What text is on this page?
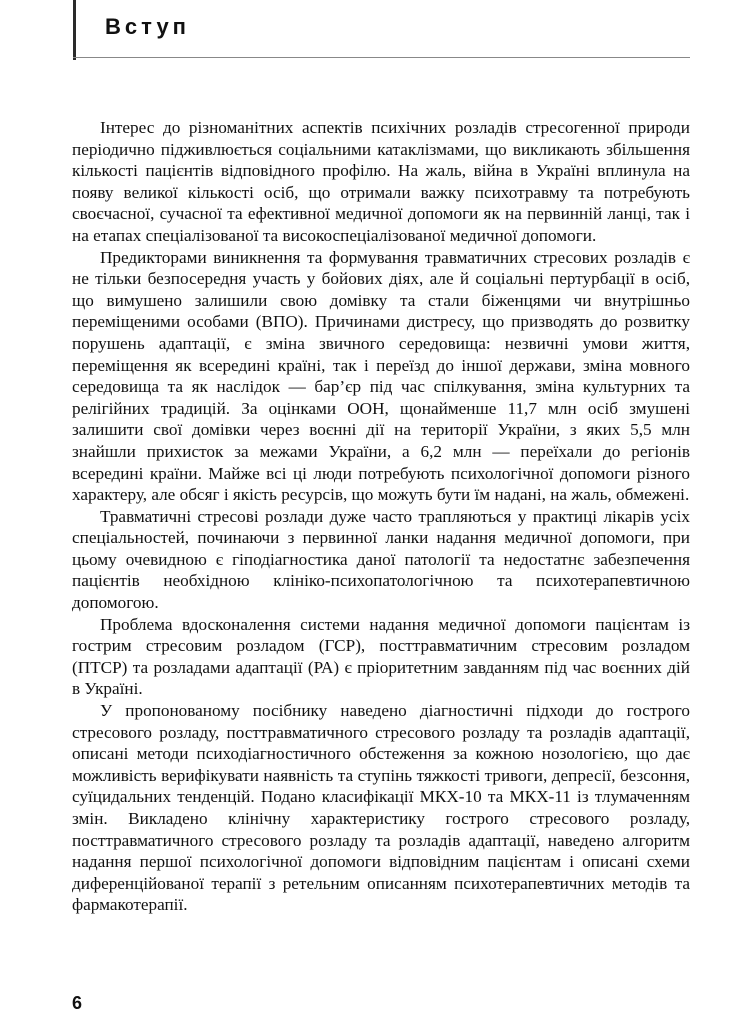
Вступ

Інтерес до різноманітних аспектів психічних розладів стресогенної природи періодично підживлюється соціальними катаклізмами, що викликають збільшення кількості пацієнтів відповідного профілю. На жаль, війна в Україні вплинула на появу великої кількості осіб, що отримали важку психотравму та потребують своєчасної, сучасної та ефективної медичної допомоги як на первинній ланці, так і на етапах спеціалізованої та високоспеціалізованої медичної допомоги.

Предикторами виникнення та формування травматичних стресових розладів є не тільки безпосередня участь у бойових діях, але й соціальні пертурбації в осіб, що вимушено залишили свою домівку та стали біженцями чи внутрішньо переміщеними особами (ВПО). Причинами дистресу, що призводять до розвитку порушень адаптації, є зміна звичного середовища: незвичні умови життя, переміщення як всередині країні, так і переїзд до іншої держави, зміна мовного середовища та як наслідок — бар’єр під час спілкування, зміна культурних та релігійних традицій. За оцінками ООН, щонайменше 11,7 млн осіб змушені залишити свої домівки через воєнні дії на території України, з яких 5,5 млн знайшли прихисток за межами України, а 6,2 млн — переїхали до регіонів всередині країни. Майже всі ці люди потребують психологічної допомоги різного характеру, але обсяг і якість ресурсів, що можуть бути їм надані, на жаль, обмежені.

Травматичні стресові розлади дуже часто трапляються у практиці лікарів усіх спеціальностей, починаючи з первинної ланки надання медичної допомоги, при цьому очевидною є гіподіагностика даної патології та недостатнє забезпечення пацієнтів необхідною клініко-психопатологічною та психотерапевтичною допомогою.

Проблема вдосконалення системи надання медичної допомоги пацієнтам із гострим стресовим розладом (ГСР), посттравматичним стресовим розладом (ПТСР) та розладами адаптації (РА) є пріоритетним завданням під час воєнних дій в Україні.

У пропонованому посібнику наведено діагностичні підходи до гострого стресового розладу, посттравматичного стресового розладу та розладів адаптації, описані методи психодіагностичного обстеження за кожною нозологією, що дає можливість верифікувати наявність та ступінь тяжкості тривоги, депресії, безсоння, суїцидальних тенденцій. Подано класифікації МКХ-10 та МКХ-11 із тлумаченням змін. Викладено клінічну характеристику гострого стресового розладу, посттравматичного стресового розладу та розладів адаптації, наведено алгоритм надання першої психологічної допомоги відповідним пацієнтам і описані схеми диференційованої терапії з ретельним описанням психотерапевтичних методів та фармакотерапії.

6
